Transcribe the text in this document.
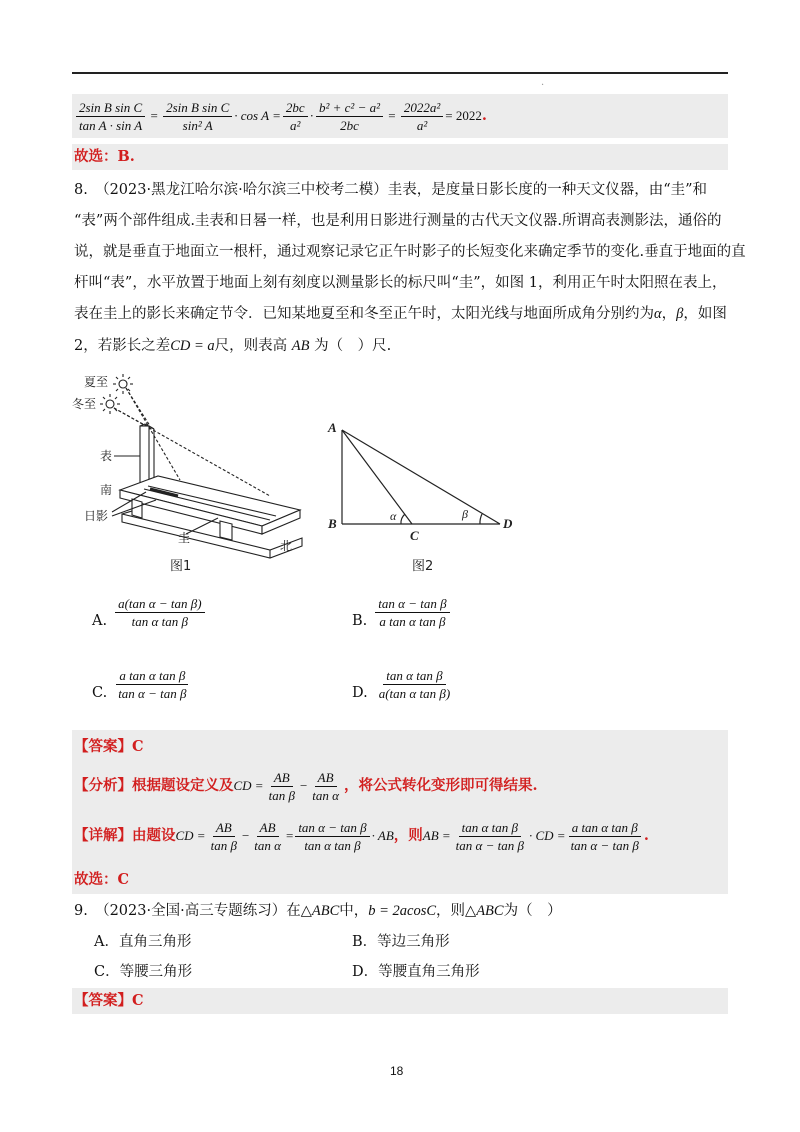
·
$\frac{\text{2sin B sin C}}{\text{tan A · sin A}} = \frac{\text{2sin B sin C}}{\text{sin² A}} \cdot \cos A = \frac{2bc}{\text{a²}} \cdot \frac{\text{b² + c² − a²}}{2bc} = \frac{\text{2022a²}}{\text{a²}} = 2022$ .
故选：B.
8.　（2023·黑龙江哈尔滨·哈尔滨三中校考二模）圭表，是度量日影长度的一种天文仪器，由“圭”和
“表”两个部件组成.圭表和日晷一样，也是利用日影进行测量的古代天文仪器.所谓高表测影法，通俗的
说，就是垂直于地面立一根杆，通过观察记录它正午时影子的长短变化来确定季节的变化.垂直于地面的直
杆叫“表”，水平放置于地面上刻有刻度以测量影长的标尺叫“圭”，如图 1，利用正午时太阳照在表上，
表在圭上的影长来确定节令．已知某地夏至和冬至正午时，太阳光线与地面所成角分别约为α，β，如图
2，若影长之差CD = a尺，则表高 AB 为（　）尺.
夏至
冬至
表
南
日影
圭
北
图1
A
B
C
D
α	β
图2
A. $\frac{\text{a(tan α − tan β)}}{\text{tan α tan β}}$	B. $\frac{\text{tan α − tan β}}{\text{a tan α tan β}}$
C. $\frac{\text{a tan α tan β}}{\text{tan α − tan β}}$	D. $\frac{\text{tan α tan β}}{\text{a(tan α tan β)}}$
【答案】C
【分析】根据题设定义及 CD = $\frac{AB}{\text{tan β}} - \frac{AB}{\text{tan α}}$ ，将公式转化变形即可得结果.
【详解】由题设 CD = $\frac{AB}{\text{tan β}} - \frac{AB}{\text{tan α}} = \frac{\text{tan α − tan β}}{\text{tan α tan β}}$ · AB ，则 AB = $\frac{\text{tan α tan β}}{\text{tan α − tan β}}$ · CD = $\frac{\text{a tan α tan β}}{\text{tan α − tan β}}$ .
故选：C
9.　（2023·全国·高三专题练习）在△ABC中，b = 2acosC，则△ABC为（　）
A．直角三角形	B．等边三角形
C．等腰三角形	D．等腰直角三角形
【答案】C
18
